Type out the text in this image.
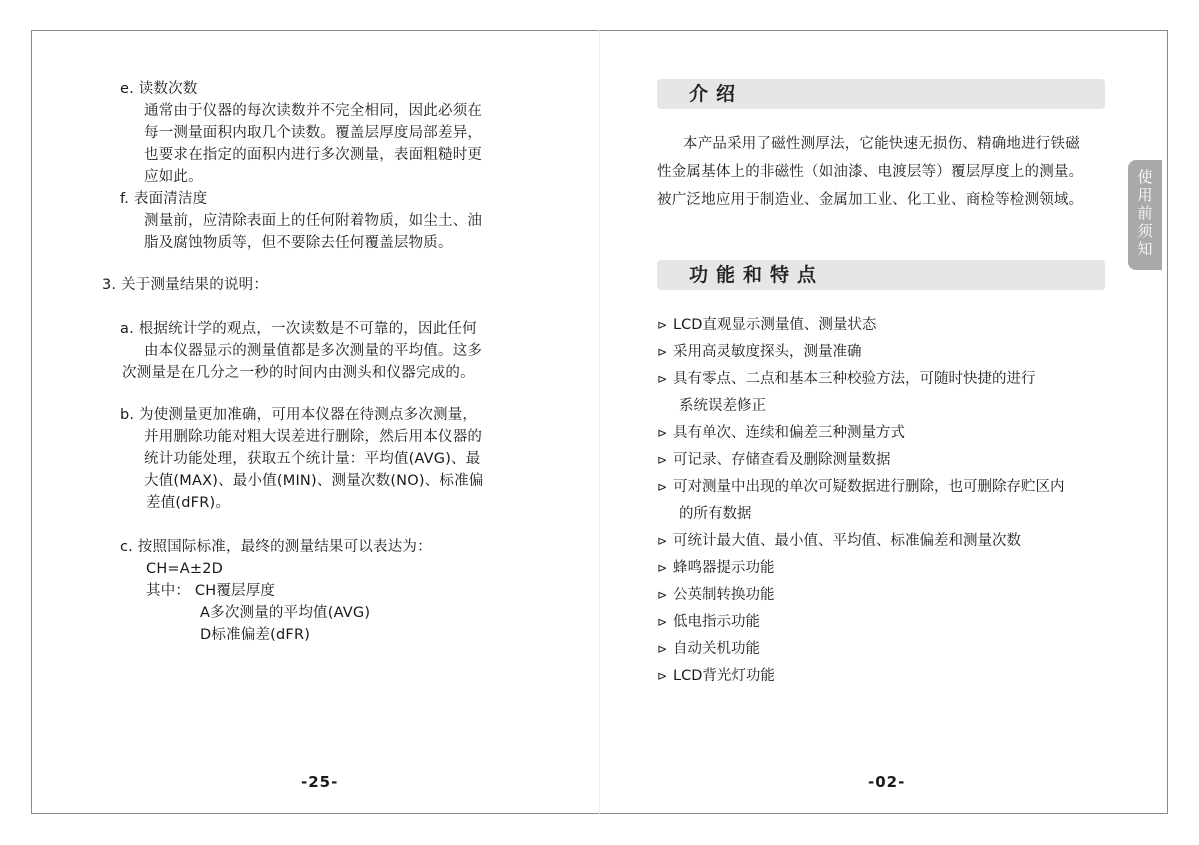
e. 读数次数
通常由于仪器的每次读数并不完全相同，因此必须在
每一测量面积内取几个读数。覆盖层厚度局部差异，
也要求在指定的面积内进行多次测量，表面粗糙时更
应如此。
f. 表面清洁度
测量前，应清除表面上的任何附着物质，如尘土、油
脂及腐蚀物质等，但不要除去任何覆盖层物质。
3. 关于测量结果的说明：
a. 根据统计学的观点，一次读数是不可靠的，因此任何
由本仪器显示的测量值都是多次测量的平均值。这多
次测量是在几分之一秒的时间内由测头和仪器完成的。
b. 为使测量更加准确，可用本仪器在待测点多次测量，
并用删除功能对粗大误差进行删除，然后用本仪器的
统计功能处理，获取五个统计量：平均值(AVG)、最
大值(MAX)、最小值(MIN)、测量次数(NO)、标准偏
差值(dFR)。
c. 按照国际标准，最终的测量结果可以表达为：
CH=A±2D
其中： CH覆层厚度
A多次测量的平均值(AVG)
D标准偏差(dFR)
-25-
介绍
本产品采用了磁性测厚法，它能快速无损伤、精确地进行铁磁
性金属基体上的非磁性（如油漆、电渡层等）覆层厚度上的测量。
被广泛地应用于制造业、金属加工业、化工业、商检等检测领域。
功能和特点
⊳ LCD直观显示测量值、测量状态
⊳ 采用高灵敏度探头，测量准确
⊳ 具有零点、二点和基本三种校验方法，可随时快捷的进行
系统误差修正
⊳ 具有单次、连续和偏差三种测量方式
⊳ 可记录、存储查看及删除测量数据
⊳ 可对测量中出现的单次可疑数据进行删除，也可删除存贮区内
的所有数据
⊳ 可统计最大值、最小值、平均值、标准偏差和测量次数
⊳ 蜂鸣器提示功能
⊳ 公英制转换功能
⊳ 低电指示功能
⊳ 自动关机功能
⊳ LCD背光灯功能
使
用
前
须
知
-02-
